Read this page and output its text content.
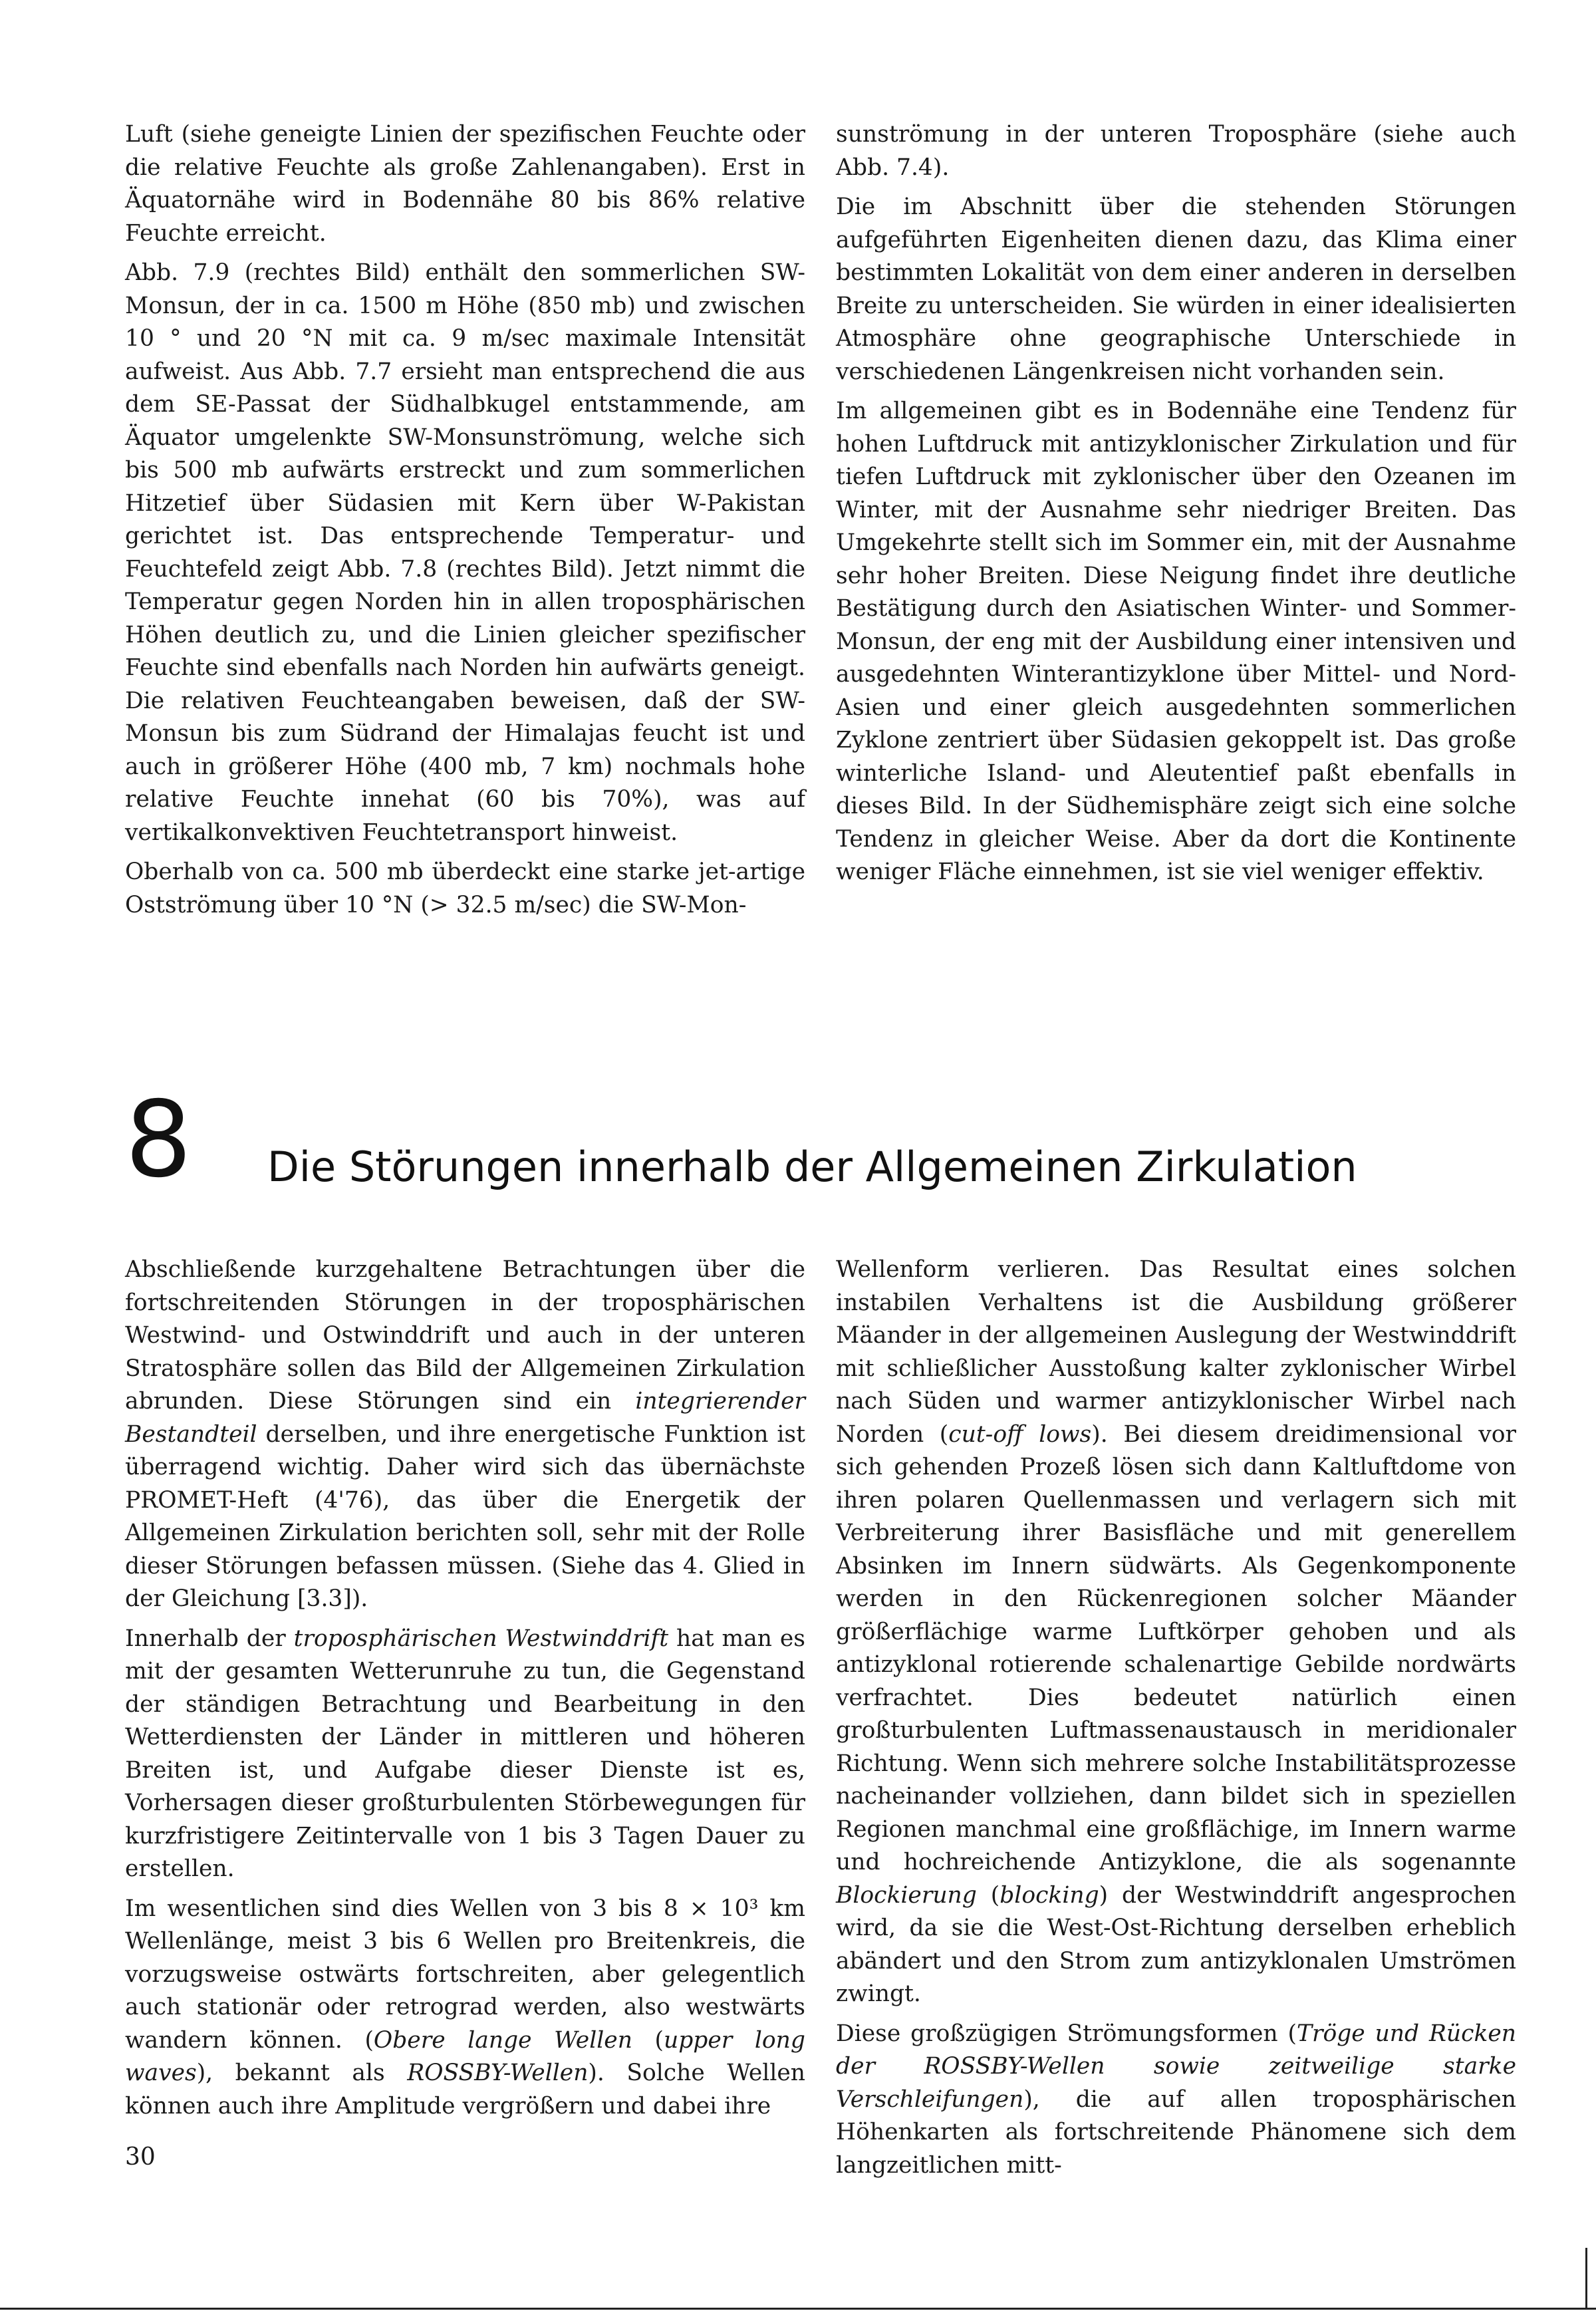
Luft (siehe geneigte Linien der spezifischen Feuchte oder die relative Feuchte als große Zahlenangaben). Erst in Äquatornähe wird in Bodennähe 80 bis 86% relative Feuchte erreicht.

Abb. 7.9 (rechtes Bild) enthält den sommerlichen SW-Monsun, der in ca. 1500 m Höhe (850 mb) und zwischen 10 ° und 20 °N mit ca. 9 m/sec maximale Intensität aufweist. Aus Abb. 7.7 ersieht man entsprechend die aus dem SE-Passat der Südhalbkugel entstammende, am Äquator umgelenkte SW-Monsunströmung, welche sich bis 500 mb aufwärts erstreckt und zum sommerlichen Hitzetief über Südasien mit Kern über W-Pakistan gerichtet ist. Das entsprechende Temperatur- und Feuchtefeld zeigt Abb. 7.8 (rechtes Bild). Jetzt nimmt die Temperatur gegen Norden hin in allen troposphärischen Höhen deutlich zu, und die Linien gleicher spezifischer Feuchte sind ebenfalls nach Norden hin aufwärts geneigt. Die relativen Feuchteangaben beweisen, daß der SW-Monsun bis zum Südrand der Himalajas feucht ist und auch in größerer Höhe (400 mb, 7 km) nochmals hohe relative Feuchte innehat (60 bis 70%), was auf vertikalkonvektiven Feuchtetransport hinweist.

Oberhalb von ca. 500 mb überdeckt eine starke jet-artige Ostströmung über 10 °N (> 32.5 m/sec) die SW-Mon-

sunströmung in der unteren Troposphäre (siehe auch Abb. 7.4).

Die im Abschnitt über die stehenden Störungen aufgeführten Eigenheiten dienen dazu, das Klima einer bestimmten Lokalität von dem einer anderen in derselben Breite zu unterscheiden. Sie würden in einer idealisierten Atmosphäre ohne geographische Unterschiede in verschiedenen Längenkreisen nicht vorhanden sein.

Im allgemeinen gibt es in Bodennähe eine Tendenz für hohen Luftdruck mit antizyklonischer Zirkulation und für tiefen Luftdruck mit zyklonischer über den Ozeanen im Winter, mit der Ausnahme sehr niedriger Breiten. Das Umgekehrte stellt sich im Sommer ein, mit der Ausnahme sehr hoher Breiten. Diese Neigung findet ihre deutliche Bestätigung durch den Asiatischen Winter- und Sommer-Monsun, der eng mit der Ausbildung einer intensiven und ausgedehnten Winterantizyklone über Mittel- und Nord-Asien und einer gleich ausgedehnten sommerlichen Zyklone zentriert über Südasien gekoppelt ist. Das große winterliche Island- und Aleutentief paßt ebenfalls in dieses Bild. In der Südhemisphäre zeigt sich eine solche Tendenz in gleicher Weise. Aber da dort die Kontinente weniger Fläche einnehmen, ist sie viel weniger effektiv.

8 Die Störungen innerhalb der Allgemeinen Zirkulation

Abschließende kurzgehaltene Betrachtungen über die fortschreitenden Störungen in der troposphärischen Westwind- und Ostwinddrift und auch in der unteren Stratosphäre sollen das Bild der Allgemeinen Zirkulation abrunden. Diese Störungen sind ein integrierender Bestandteil derselben, und ihre energetische Funktion ist überragend wichtig. Daher wird sich das übernächste PROMET-Heft (4'76), das über die Energetik der Allgemeinen Zirkulation berichten soll, sehr mit der Rolle dieser Störungen befassen müssen. (Siehe das 4. Glied in der Gleichung [3.3]).

Innerhalb der troposphärischen Westwinddrift hat man es mit der gesamten Wetterunruhe zu tun, die Gegenstand der ständigen Betrachtung und Bearbeitung in den Wetterdiensten der Länder in mittleren und höheren Breiten ist, und Aufgabe dieser Dienste ist es, Vorhersagen dieser großturbulenten Störbewegungen für kurzfristigere Zeitintervalle von 1 bis 3 Tagen Dauer zu erstellen.

Im wesentlichen sind dies Wellen von 3 bis 8 × 10³ km Wellenlänge, meist 3 bis 6 Wellen pro Breitenkreis, die vorzugsweise ostwärts fortschreiten, aber gelegentlich auch stationär oder retrograd werden, also westwärts wandern können. (Obere lange Wellen (upper long waves), bekannt als ROSSBY-Wellen). Solche Wellen können auch ihre Amplitude vergrößern und dabei ihre

Wellenform verlieren. Das Resultat eines solchen instabilen Verhaltens ist die Ausbildung größerer Mäander in der allgemeinen Auslegung der Westwinddrift mit schließlicher Ausstoßung kalter zyklonischer Wirbel nach Süden und warmer antizyklonischer Wirbel nach Norden (cut-off lows). Bei diesem dreidimensional vor sich gehenden Prozeß lösen sich dann Kaltluftdome von ihren polaren Quellenmassen und verlagern sich mit Verbreiterung ihrer Basisfläche und mit generellem Absinken im Innern südwärts. Als Gegenkomponente werden in den Rückenregionen solcher Mäander größerflächige warme Luftkörper gehoben und als antizyklonal rotierende schalenartige Gebilde nordwärts verfrachtet. Dies bedeutet natürlich einen großturbulenten Luftmassenaustausch in meridionaler Richtung. Wenn sich mehrere solche Instabilitätsprozesse nacheinander vollziehen, dann bildet sich in speziellen Regionen manchmal eine großflächige, im Innern warme und hochreichende Antizyklone, die als sogenannte Blockierung (blocking) der Westwinddrift angesprochen wird, da sie die West-Ost-Richtung derselben erheblich abändert und den Strom zum antizyklonalen Umströmen zwingt.

Diese großzügigen Strömungsformen (Tröge und Rücken der ROSSBY-Wellen sowie zeitweilige starke Verschleifungen), die auf allen troposphärischen Höhenkarten als fortschreitende Phänomene sich dem langzeitlichen mitt-

30
